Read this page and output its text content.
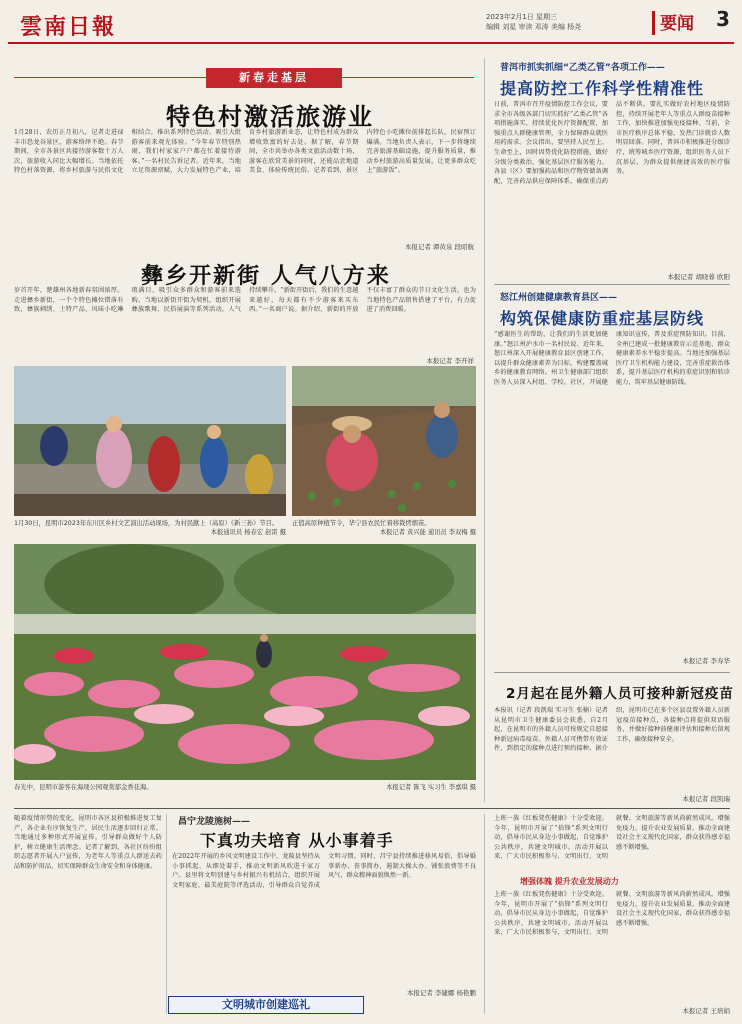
雲南日報	2023年2月1日 星期三
编辑 刘星 审读 邓涛 美编 杨尧	要闻 3
新春走基层
特色村激活旅游业
1月28日，农历正月初八，记者走进禄丰市恐龙谷景区，游客络绎不绝。春节期间，全市各景区共接待游客数十万人次，旅游收入同比大幅增长。当地依托特色村落资源，将乡村旅游与民俗文化相结合，推出系列特色活动，吸引大批游客前来观光体验。“今年春节特别热闹，我们村家家户户都在忙着接待游客。”一名村民告诉记者。近年来，当地立足资源禀赋，大力发展特色产业，培育乡村旅游新业态，让特色村成为群众增收致富的好去处。据了解，春节期间，全市共举办各类文旅活动数十场，游客在欣赏美景的同时，还能品尝地道美食、体验传统民俗。记者看到，景区内特色小吃摊位前排起长队，民宿预订爆满。当地负责人表示，下一步将继续完善旅游基础设施，提升服务质量，推动乡村旅游高质量发展，让更多群众吃上“旅游饭”。
本报记者 谭黄泉 段昭航
彝乡开新街 人气八方来
岁首开年，楚雄州各地新春氛围浓厚。走进彝乡新街，一个个特色摊位错落有致，彝族刺绣、土特产品、风味小吃琳琅满目，吸引众多群众和游客前来选购。当地以新街开街为契机，组织开展彝族歌舞、民俗展演等系列活动，人气持续攀升。“新街开街后，我们的生意越来越好，每天都有不少游客来买东西。”一名商户说。据介绍，新街的开放不仅丰富了群众的节日文化生活，也为当地特色产品销售搭建了平台，有力促进了消费回暖。
本报记者 李开祥
1月30日，昆明市2023年东川区乡村文艺演出活动现场，为村民献上（高原）《新三孙》节目。
本报通讯员 杨春宏 赵雷 摄
正值高原种植节令，华宁县农民忙着移栽烤烟苗。
本报记者 黄兴能 通讯员 李双梅 摄
春光中，昆明市游客在海埂公园观赏郁金香花海。	本报记者 陈飞 实习生 李嘉琪 摄
普洱市抓实抓细“乙类乙管”各项工作——
提高防控工作科学性精准性
日前，普洱市召开疫情防控工作会议，要求全市各级各部门切实抓好“乙类乙管”各项措施落实，持续优化医疗资源配置，加强重点人群健康管理，全力保障群众就医用药需求。会议指出，要坚持人民至上、生命至上，因时因势优化防控措施，做好分级分类救治，强化基层医疗服务能力。各县（区）要加强药品和医疗物资储备调配，完善药品供应保障体系，确保重点药品不断供。要扎实做好农村地区疫情防控，持续开展老年人等重点人群疫苗接种工作，加快推进加强免疫接种。当前，全市医疗秩序总体平稳，发热门诊就诊人数明显回落。同时，普洱市积极推进分级诊疗，统筹城乡医疗资源，组织医务人员下沉基层，为群众提供便捷高效的医疗服务。
本报记者 胡晓蓉 欧阳
怒江州创建健康教育县区——
构筑保健康防重症基层防线
“感谢医生的帮助，让我们的生活更加健康。”怒江州泸水市一名村民说。近年来，怒江州深入开展健康教育县区创建工作，以提升群众健康素养为目标，构建覆盖城乡的健康教育网络。州卫生健康部门组织医务人员深入村组、学校、社区，开展健康知识宣传，普及重症预防知识。目前，全州已建成一批健康教育示范基地，群众健康素养水平稳步提高。当地还加强基层医疗卫生机构能力建设，完善重症救治体系，提升基层医疗机构的重症识别和转诊能力，筑牢基层健康防线。
本报记者 李寿华
2月起在昆外籍人员可接种新冠疫苗
本报讯（记者 段凯瑞 实习生 张楠）记者从昆明市卫生健康委员会获悉，自2月起，在昆明市的外籍人员可按规定自愿接种新冠病毒疫苗。外籍人员可携带有效证件，到指定的接种点进行预约接种。据介绍，昆明市已在多个区县设置外籍人员新冠疫苗接种点，各接种点将提供双语服务，并做好接种前健康评估和接种后留观工作，确保接种安全。
本报记者 段凯瑞
随着疫情形势的变化，昆明市各区县积极推进复工复产，各企业有序恢复生产，居民生活逐步回归正常。当地通过多种形式开展宣传，引导群众做好个人防护，树立健康生活理念。记者了解到，各社区纷纷组织志愿者开展入户宣传，为老年人等重点人群送去药品和防护用品，切实保障群众生命安全和身体健康。
昌宁龙陵施树——
下真功夫培育 从小事着手
在2022年开展的乡风文明建设工作中，龙陵县坚持从小事抓起、从细处着手，推动文明新风吹进千家万户。县里将文明创建与乡村振兴有机结合，组织开展文明家庭、最美庭院等评选活动，引导群众自觉养成文明习惯。同时，昌宁县持续推进移风易俗，倡导婚事新办、丧事简办，遏制大操大办、铺张浪费等不良风气，群众精神面貌焕然一新。
本报记者 李婕娜 杨艳鹏
文明城市创建巡礼
上班一族《红板凳伤健康》十分受欢迎。今年，昆明市开展了“拾锋”系列文明行动，倡导市民从身边小事做起，自觉维护公共秩序，共建文明城市。活动开展以来，广大市民积极参与，文明出行、文明就餐、文明旅游等新风尚蔚然成风。增强免疫力，提升农业发展质量，推动全面建设社会主义现代化国家，群众获得感幸福感不断增强。
增强体魄 提升农业发展动力
上班一族《红板凳伤健康》十分受欢迎。今年，昆明市开展了“拾锋”系列文明行动，倡导市民从身边小事做起，自觉维护公共秩序，共建文明城市。活动开展以来，广大市民积极参与，文明出行、文明就餐、文明旅游等新风尚蔚然成风。增强免疫力，提升农业发展质量，推动全面建设社会主义现代化国家，群众获得感幸福感不断增强。
本报记者 王培娟
